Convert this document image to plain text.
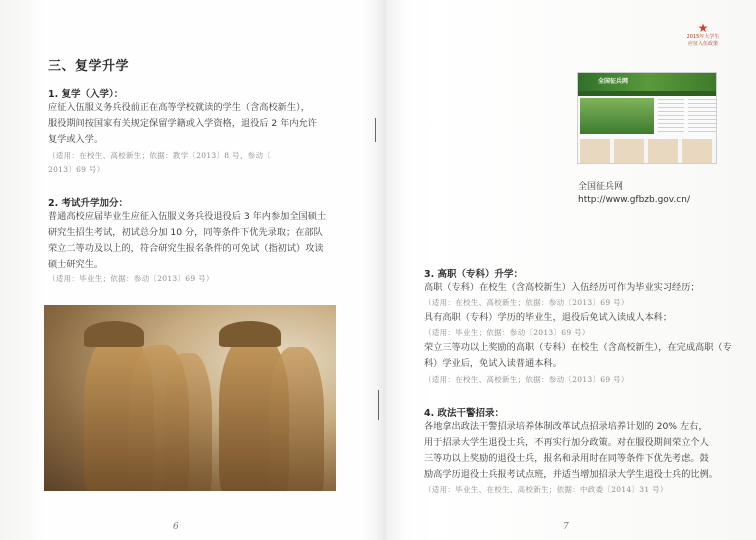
三、复学升学
1. 复学（入学）：
应征入伍服义务兵役前正在高等学校就读的学生（含高校新生），
服役期间按国家有关规定保留学籍或入学资格，退役后 2 年内允许
复学或入学。
（适用：在校生、高校新生；依据：教学〔2013〕8 号、参动〔
2013〕69 号）
2. 考试升学加分：
普通高校应届毕业生应征入伍服义务兵役退役后 3 年内参加全国硕士
研究生招生考试，初试总分加 10 分，同等条件下优先录取；在部队
荣立二等功及以上的，符合研究生报名条件的可免试（指初试）攻读
硕士研究生。
（适用：毕业生；依据：参动〔2013〕69 号）
6
★
2015年大学生
应征入伍政策
全国征兵网
全国征兵网
http://www.gfbzb.gov.cn/
3. 高职（专科）升学：
高职（专科）在校生（含高校新生）入伍经历可作为毕业实习经历；
（适用：在校生、高校新生；依据：参动〔2013〕69 号）
具有高职（专科）学历的毕业生，退役后免试入读成人本科；
（适用：毕业生；依据：参动〔2013〕69 号）
荣立三等功以上奖励的高职（专科）在校生（含高校新生），在完成高职（专
科）学业后，免试入读普通本科。
（适用：在校生、高校新生；依据：参动〔2013〕69 号）
4. 政法干警招录：
各地拿出政法干警招录培养体制改革试点招录培养计划的 20% 左右，
用于招录大学生退役士兵，不再实行加分政策。对在服役期间荣立个人
三等功以上奖励的退役士兵，报名和录用时在同等条件下优先考虑。鼓
励高学历退役士兵报考试点班，并适当增加招录大学生退役士兵的比例。
（适用：毕业生、在校生、高校新生；依据：中政委〔2014〕31 号）
7
